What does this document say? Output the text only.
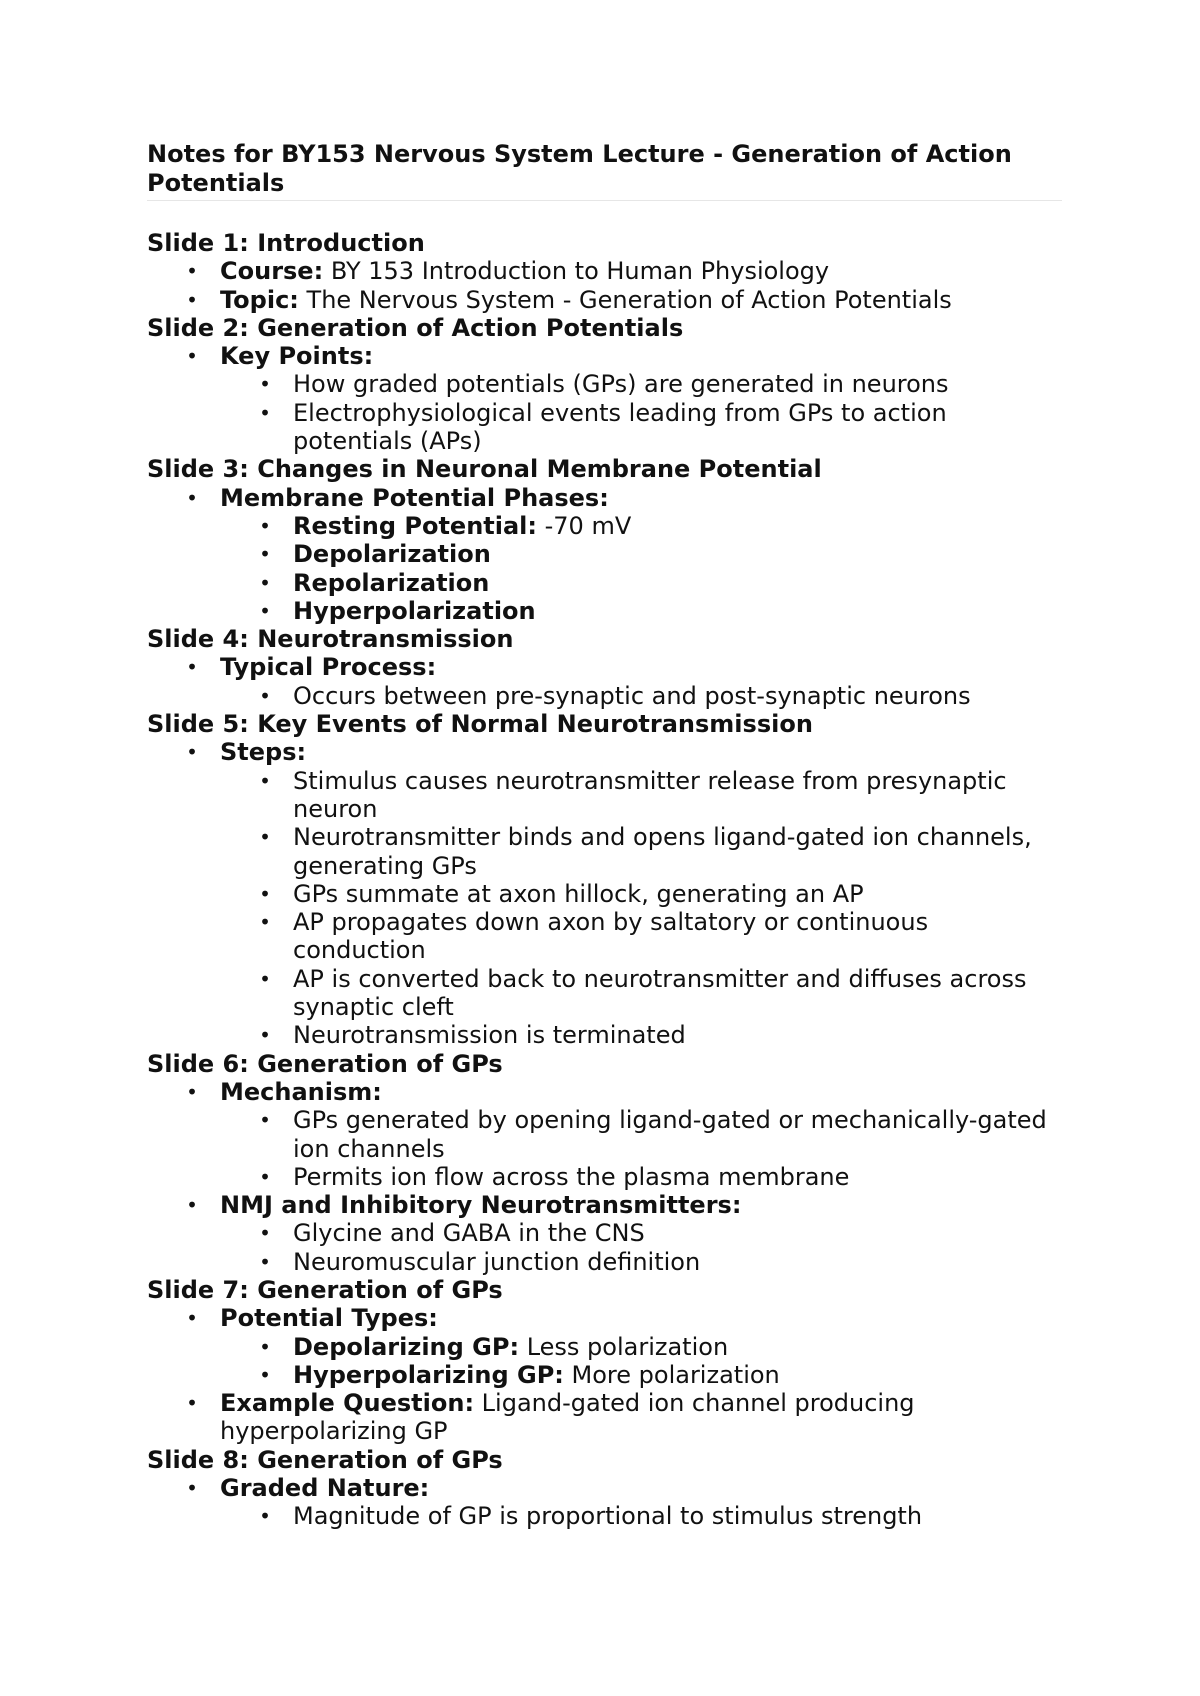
Notes for BY153 Nervous System Lecture - Generation of Action Potentials
Slide 1: Introduction
• Course: BY 153 Introduction to Human Physiology
• Topic: The Nervous System - Generation of Action Potentials
Slide 2: Generation of Action Potentials
• Key Points:
• How graded potentials (GPs) are generated in neurons
• Electrophysiological events leading from GPs to action potentials (APs)
Slide 3: Changes in Neuronal Membrane Potential
• Membrane Potential Phases:
• Resting Potential: -70 mV
• Depolarization
• Repolarization
• Hyperpolarization
Slide 4: Neurotransmission
• Typical Process:
• Occurs between pre-synaptic and post-synaptic neurons
Slide 5: Key Events of Normal Neurotransmission
• Steps:
• Stimulus causes neurotransmitter release from presynaptic neuron
• Neurotransmitter binds and opens ligand-gated ion channels, generating GPs
• GPs summate at axon hillock, generating an AP
• AP propagates down axon by saltatory or continuous conduction
• AP is converted back to neurotransmitter and diffuses across synaptic cleft
• Neurotransmission is terminated
Slide 6: Generation of GPs
• Mechanism:
• GPs generated by opening ligand-gated or mechanically-gated ion channels
• Permits ion flow across the plasma membrane
• NMJ and Inhibitory Neurotransmitters:
• Glycine and GABA in the CNS
• Neuromuscular junction definition
Slide 7: Generation of GPs
• Potential Types:
• Depolarizing GP: Less polarization
• Hyperpolarizing GP: More polarization
• Example Question: Ligand-gated ion channel producing hyperpolarizing GP
Slide 8: Generation of GPs
• Graded Nature:
• Magnitude of GP is proportional to stimulus strength
